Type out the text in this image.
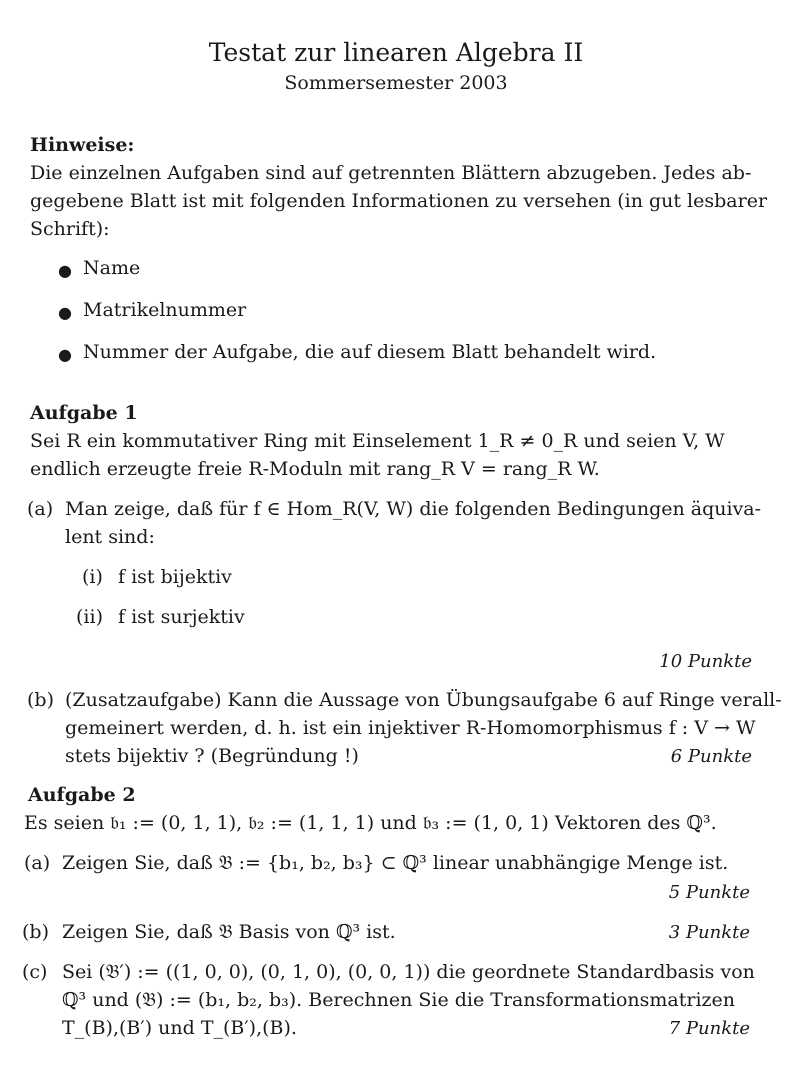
Testat zur linearen Algebra II
Sommersemester 2003
Hinweise:
Die einzelnen Aufgaben sind auf getrennten Blättern abzugeben. Jedes ab-
gegebene Blatt ist mit folgenden Informationen zu versehen (in gut lesbarer
Schrift):
● Name
● Matrikelnummer
● Nummer der Aufgabe, die auf diesem Blatt behandelt wird.
Aufgabe 1
Sei R ein kommutativer Ring mit Einselement 1_R ≠ 0_R und seien V, W
endlich erzeugte freie R-Moduln mit rang_R V = rang_R W.
(a) Man zeige, daß für f ∈ Hom_R(V, W) die folgenden Bedingungen äquiva-
lent sind:
(i) f ist bijektiv
(ii) f ist surjektiv
10 Punkte
(b) (Zusatzaufgabe) Kann die Aussage von Übungsaufgabe 6 auf Ringe verall-
gemeinert werden, d. h. ist ein injektiver R-Homomorphismus f : V → W
stets bijektiv ? (Begründung !)	6 Punkte
Aufgabe 2
Es seien 𝔟₁ := (0, 1, 1), 𝔟₂ := (1, 1, 1) und 𝔟₃ := (1, 0, 1) Vektoren des ℚ³.
(a) Zeigen Sie, daß 𝔅 := {b₁, b₂, b₃} ⊂ ℚ³ linear unabhängige Menge ist.
5 Punkte
(b) Zeigen Sie, daß 𝔅 Basis von ℚ³ ist.	3 Punkte
(c) Sei (𝔅′) := ((1, 0, 0), (0, 1, 0), (0, 0, 1)) die geordnete Standardbasis von
ℚ³ und (𝔅) := (b₁, b₂, b₃). Berechnen Sie die Transformationsmatrizen
T_(B),(B′) und T_(B′),(B).	7 Punkte
